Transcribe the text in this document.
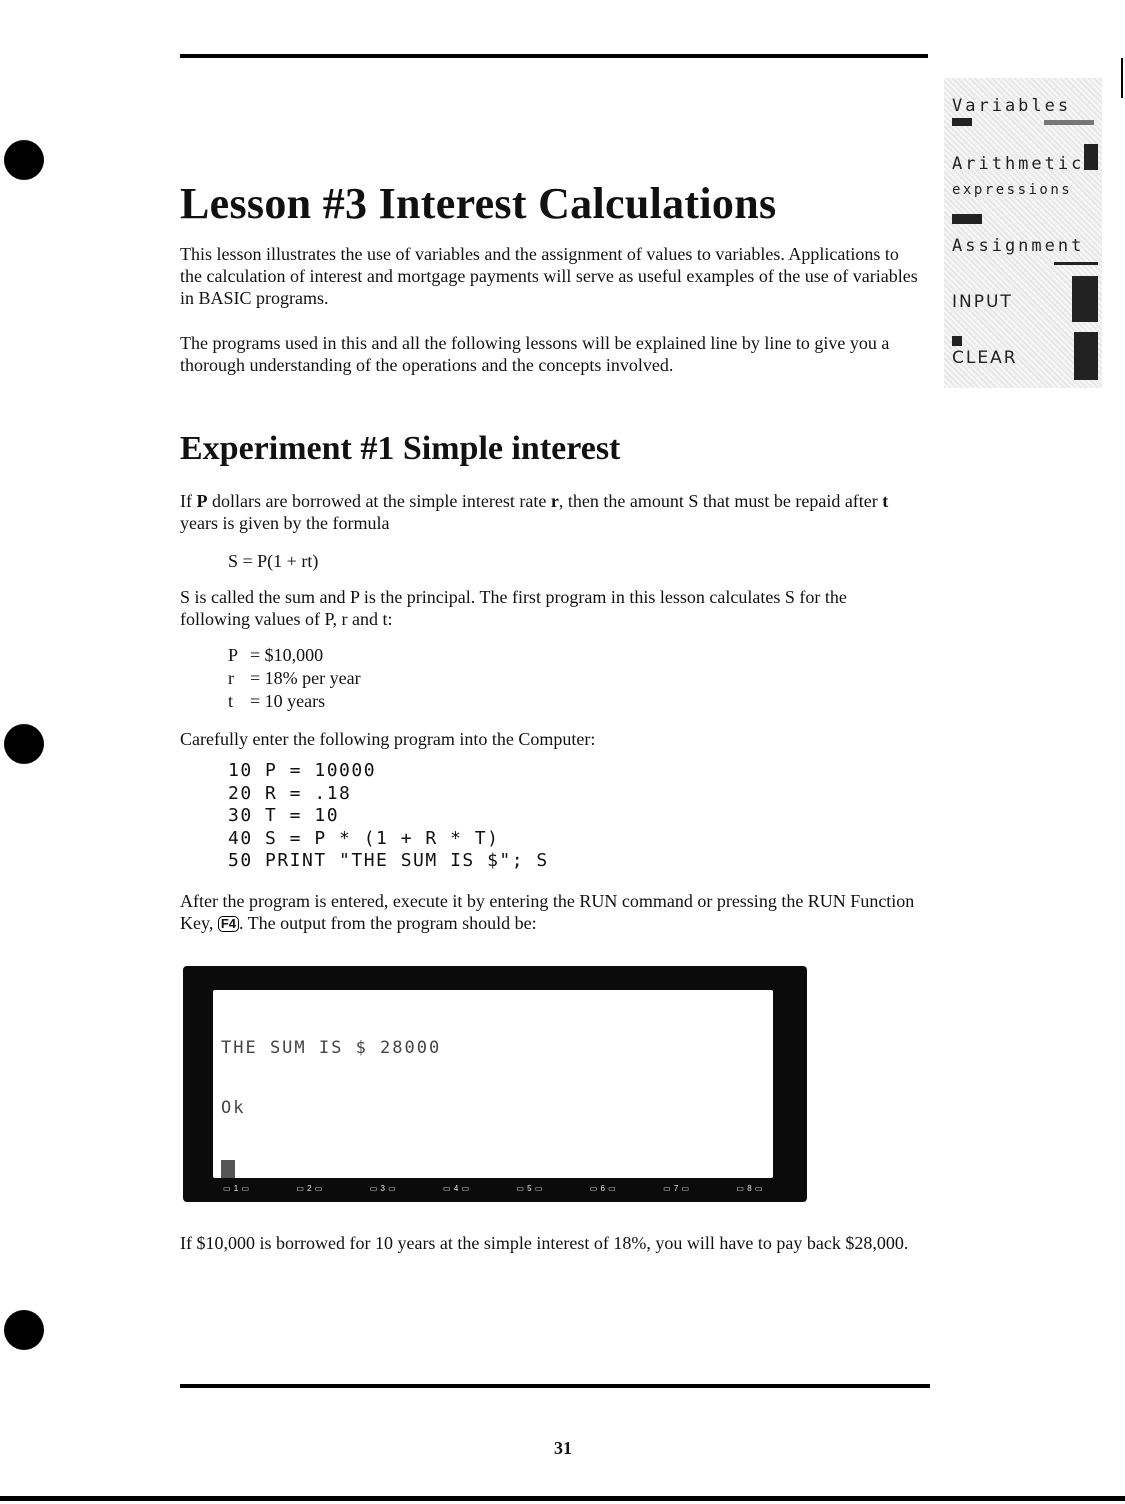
Variables
Arithmetic
expressions
Assignment
INPUT
CLEAR
Lesson #3 Interest Calculations

This lesson illustrates the use of variables and the assignment of values to variables. Applications to the calculation of interest and mortgage payments will serve as useful examples of the use of variables in BASIC programs.

The programs used in this and all the following lessons will be explained line by line to give you a thorough understanding of the operations and the concepts involved.

Experiment #1 Simple interest

If P dollars are borrowed at the simple interest rate r, then the amount S that must be repaid after t years is given by the formula

S = P(1 + rt)

S is called the sum and P is the principal. The first program in this lesson calculates S for the following values of P, r and t:

P = $10,000
r = 18% per year
t = 10 years
Carefully enter the following program into the Computer:
10 P = 10000
20 R = .18
30 T = 10
40 S = P * (1 + R * T)
50 PRINT "THE SUM IS $"; S

After the program is entered, execute it by entering the RUN command or pressing the RUN Function Key, F4 . The output from the program should be:

THE SUM IS $ 28000

Ok

▭ 1 ▭	▭ 2 ▭	▭ 3 ▭	▭ 4 ▭	▭ 5 ▭	▭ 6 ▭	▭ 7 ▭	▭ 8 ▭

If $10,000 is borrowed for 10 years at the simple interest of 18%, you will have to pay back $28,000.

31
